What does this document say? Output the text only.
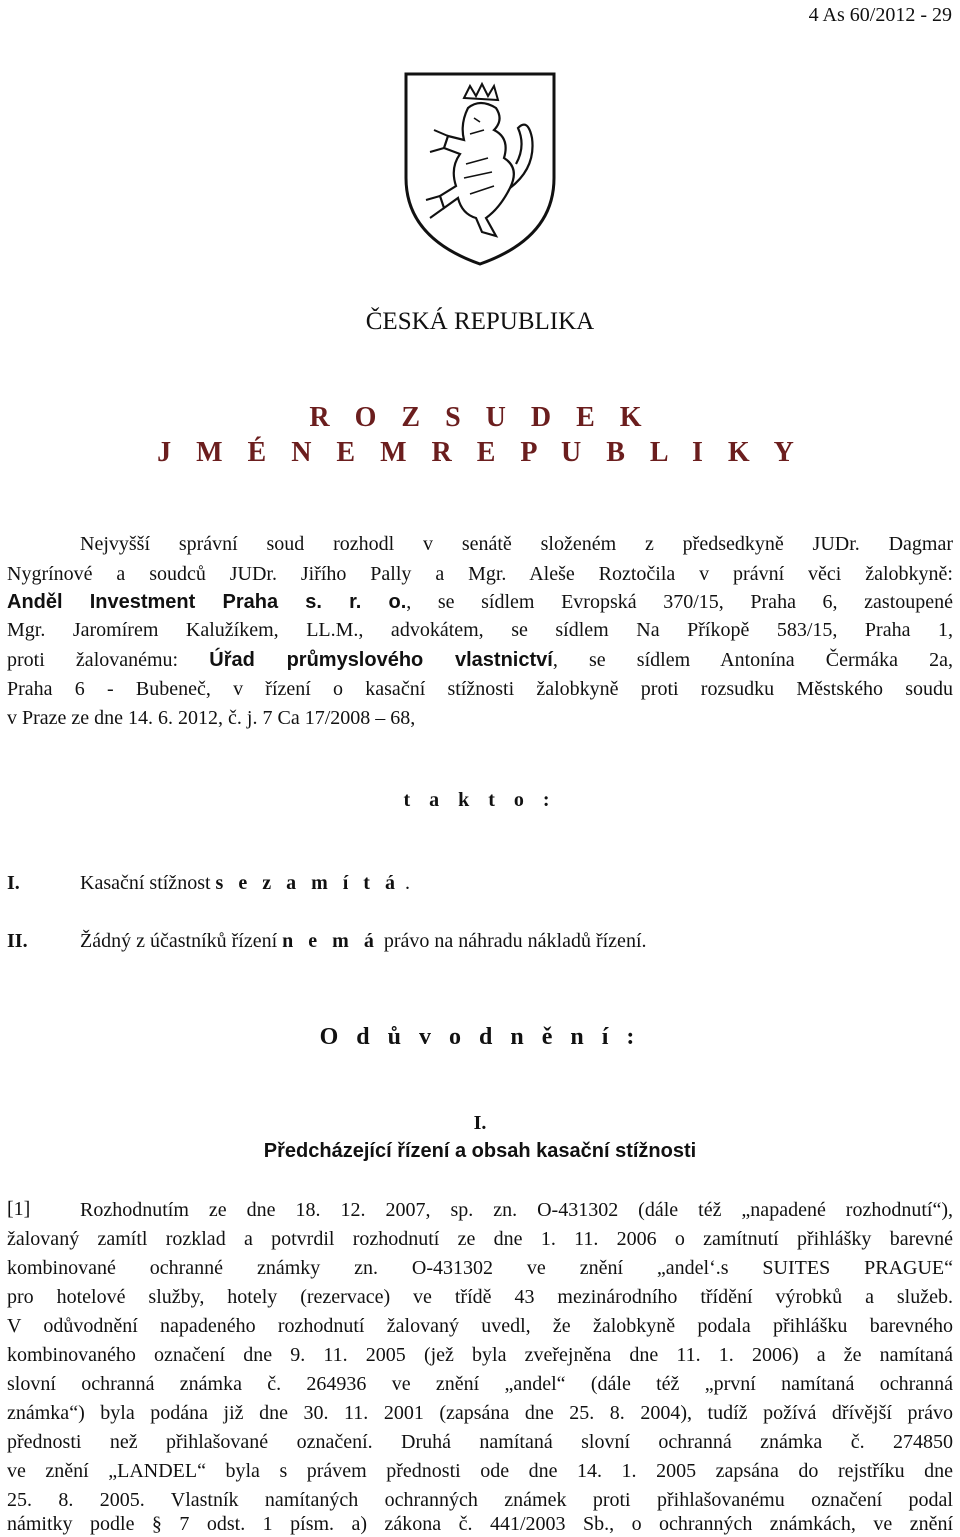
4 As 60/2012 - 29
ČESKÁ REPUBLIKA
R O Z S U D E K
J M É N E M R E P U B L I K Y
Nejvyšší správní soud rozhodl v senátě složeném z předsedkyně JUDr. Dagmar
Nygrínové a soudců JUDr. Jiřího Pally a Mgr. Aleše Roztočila v právní věci žalobkyně:
Anděl Investment Praha s. r. o., se sídlem Evropská 370/15, Praha 6, zastoupené
Mgr. Jaromírem Kalužíkem, LL.M., advokátem, se sídlem Na Příkopě 583/15, Praha 1,
proti žalovanému: Úřad průmyslového vlastnictví, se sídlem Antonína Čermáka 2a,
Praha 6 - Bubeneč, v řízení o kasační stížnosti žalobkyně proti rozsudku Městského soudu
v Praze ze dne 14. 6. 2012, č. j. 7 Ca 17/2008 – 68,
t a k t o :
I.	Kasační stížnost s e z a m í t á .
II.	Žádný z účastníků řízení n e m á právo na náhradu nákladů řízení.
O d ů v o d n ě n í :
I.
Předcházející řízení a obsah kasační stížnosti
[1] Rozhodnutím ze dne 18. 12. 2007, sp. zn. O-431302 (dále též „napadené rozhodnutí“),
žalovaný zamítl rozklad a potvrdil rozhodnutí ze dne 1. 11. 2006 o zamítnutí přihlášky barevné
kombinované ochranné známky zn. O-431302 ve znění „andel‘.s SUITES PRAGUE“
pro hotelové služby, hotely (rezervace) ve třídě 43 mezinárodního třídění výrobků a služeb.
V odůvodnění napadeného rozhodnutí žalovaný uvedl, že žalobkyně podala přihlášku barevného
kombinovaného označení dne 9. 11. 2005 (jež byla zveřejněna dne 11. 1. 2006) a že namítaná
slovní ochranná známka č. 264936 ve znění „andel“ (dále též „první namítaná ochranná
známka“) byla podána již dne 30. 11. 2001 (zapsána dne 25. 8. 2004), tudíž požívá dřívější právo
přednosti než přihlašované označení. Druhá namítaná slovní ochranná známka č. 274850
ve znění „LANDEL“ byla s právem přednosti ode dne 14. 1. 2005 zapsána do rejstříku dne
25. 8. 2005. Vlastník namítaných ochranných známek proti přihlašovanému označení podal
námitky podle § 7 odst. 1 písm. a) zákona č. 441/2003 Sb., o ochranných známkách, ve znění
